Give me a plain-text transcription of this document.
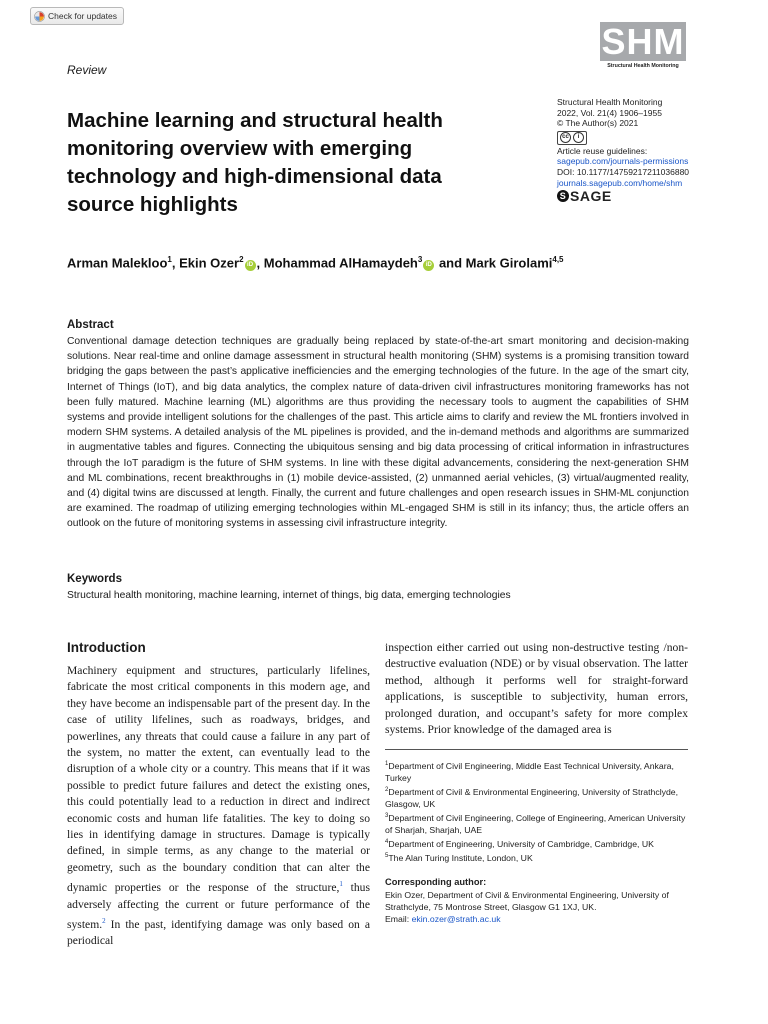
Check for updates
SHM
Structural Health Monitoring
Review
Machine learning and structural health monitoring overview with emerging technology and high-dimensional data source highlights
Structural Health Monitoring
2022, Vol. 21(4) 1906–1955
© The Author(s) 2021
cc	i
Article reuse guidelines:
sagepub.com/journals-permissions
DOI: 10.1177/14759217211036880
journals.sagepub.com/home/shm
S SAGE
Arman Malekloo$^1$, Ekin Ozer$^2$iD , Mohammad AlHamaydeh$^3$iD and Mark Girolami$^{4,5}$
Abstract

Conventional damage detection techniques are gradually being replaced by state-of-the-art smart monitoring and decision-making solutions. Near real-time and online damage assessment in structural health monitoring (SHM) systems is a promising transition toward bridging the gaps between the past’s applicative inefficiencies and the emerging technologies of the future. In the age of the smart city, Internet of Things (IoT), and big data analytics, the complex nature of data-driven civil infrastructures monitoring frameworks has not been fully matured. Machine learning (ML) algorithms are thus providing the necessary tools to augment the capabilities of SHM systems and provide intelligent solutions for the challenges of the past. This article aims to clarify and review the ML frontiers involved in modern SHM systems. A detailed analysis of the ML pipelines is provided, and the in-demand methods and algorithms are summarized in augmentative tables and figures. Connecting the ubiquitous sensing and big data processing of critical information in infrastructures through the IoT paradigm is the future of SHM systems. In line with these digital advancements, considering the next-generation SHM and ML combinations, recent breakthroughs in (1) mobile device-assisted, (2) unmanned aerial vehicles, (3) virtual/augmented reality, and (4) digital twins are discussed at length. Finally, the current and future challenges and open research issues in SHM-ML conjunction are examined. The roadmap of utilizing emerging technologies within ML-engaged SHM is still in its infancy; thus, the article offers an outlook on the future of monitoring systems in assessing civil infrastructure integrity.

Keywords
Structural health monitoring, machine learning, internet of things, big data, emerging technologies
Introduction

Machinery equipment and structures, particularly lifelines, fabricate the most critical components in this modern age, and they have become an indispensable part of the present day. In the case of utility lifelines, such as roadways, bridges, and powerlines, any threats that could cause a failure in any part of the system, no matter the extent, can eventually lead to the disruption of a whole city or a country. This means that if it was possible to predict future failures and detect the existing ones, this could potentially lead to a reduction in direct and indirect economic costs and human life fatalities. The key to doing so lies in identifying damage in structures. Damage is typically defined, in simple terms, as any change to the material or geometry, such as the boundary condition that can alter the dynamic properties or the response of the structure,$^1$ thus adversely affecting the current or future performance of the system.$^2$ In the past, identifying damage was only based on a periodical

inspection either carried out using non-destructive testing /non-destructive evaluation (NDE) or by visual observation. The latter method, although it performs well for straight-forward applications, is susceptible to subjectivity, human errors, prolonged duration, and occupant’s safety for more complex systems. Prior knowledge of the damaged area is

$^1$Department of Civil Engineering, Middle East Technical University, Ankara, Turkey
$^2$Department of Civil & Environmental Engineering, University of Strathclyde, Glasgow, UK
$^3$Department of Civil Engineering, College of Engineering, American University of Sharjah, Sharjah, UAE
$^4$Department of Engineering, University of Cambridge, Cambridge, UK
$^5$The Alan Turing Institute, London, UK
Corresponding author:
Ekin Ozer, Department of Civil & Environmental Engineering, University of Strathclyde, 75 Montrose Street, Glasgow G1 1XJ, UK.
Email: ekin.ozer@strath.ac.uk
